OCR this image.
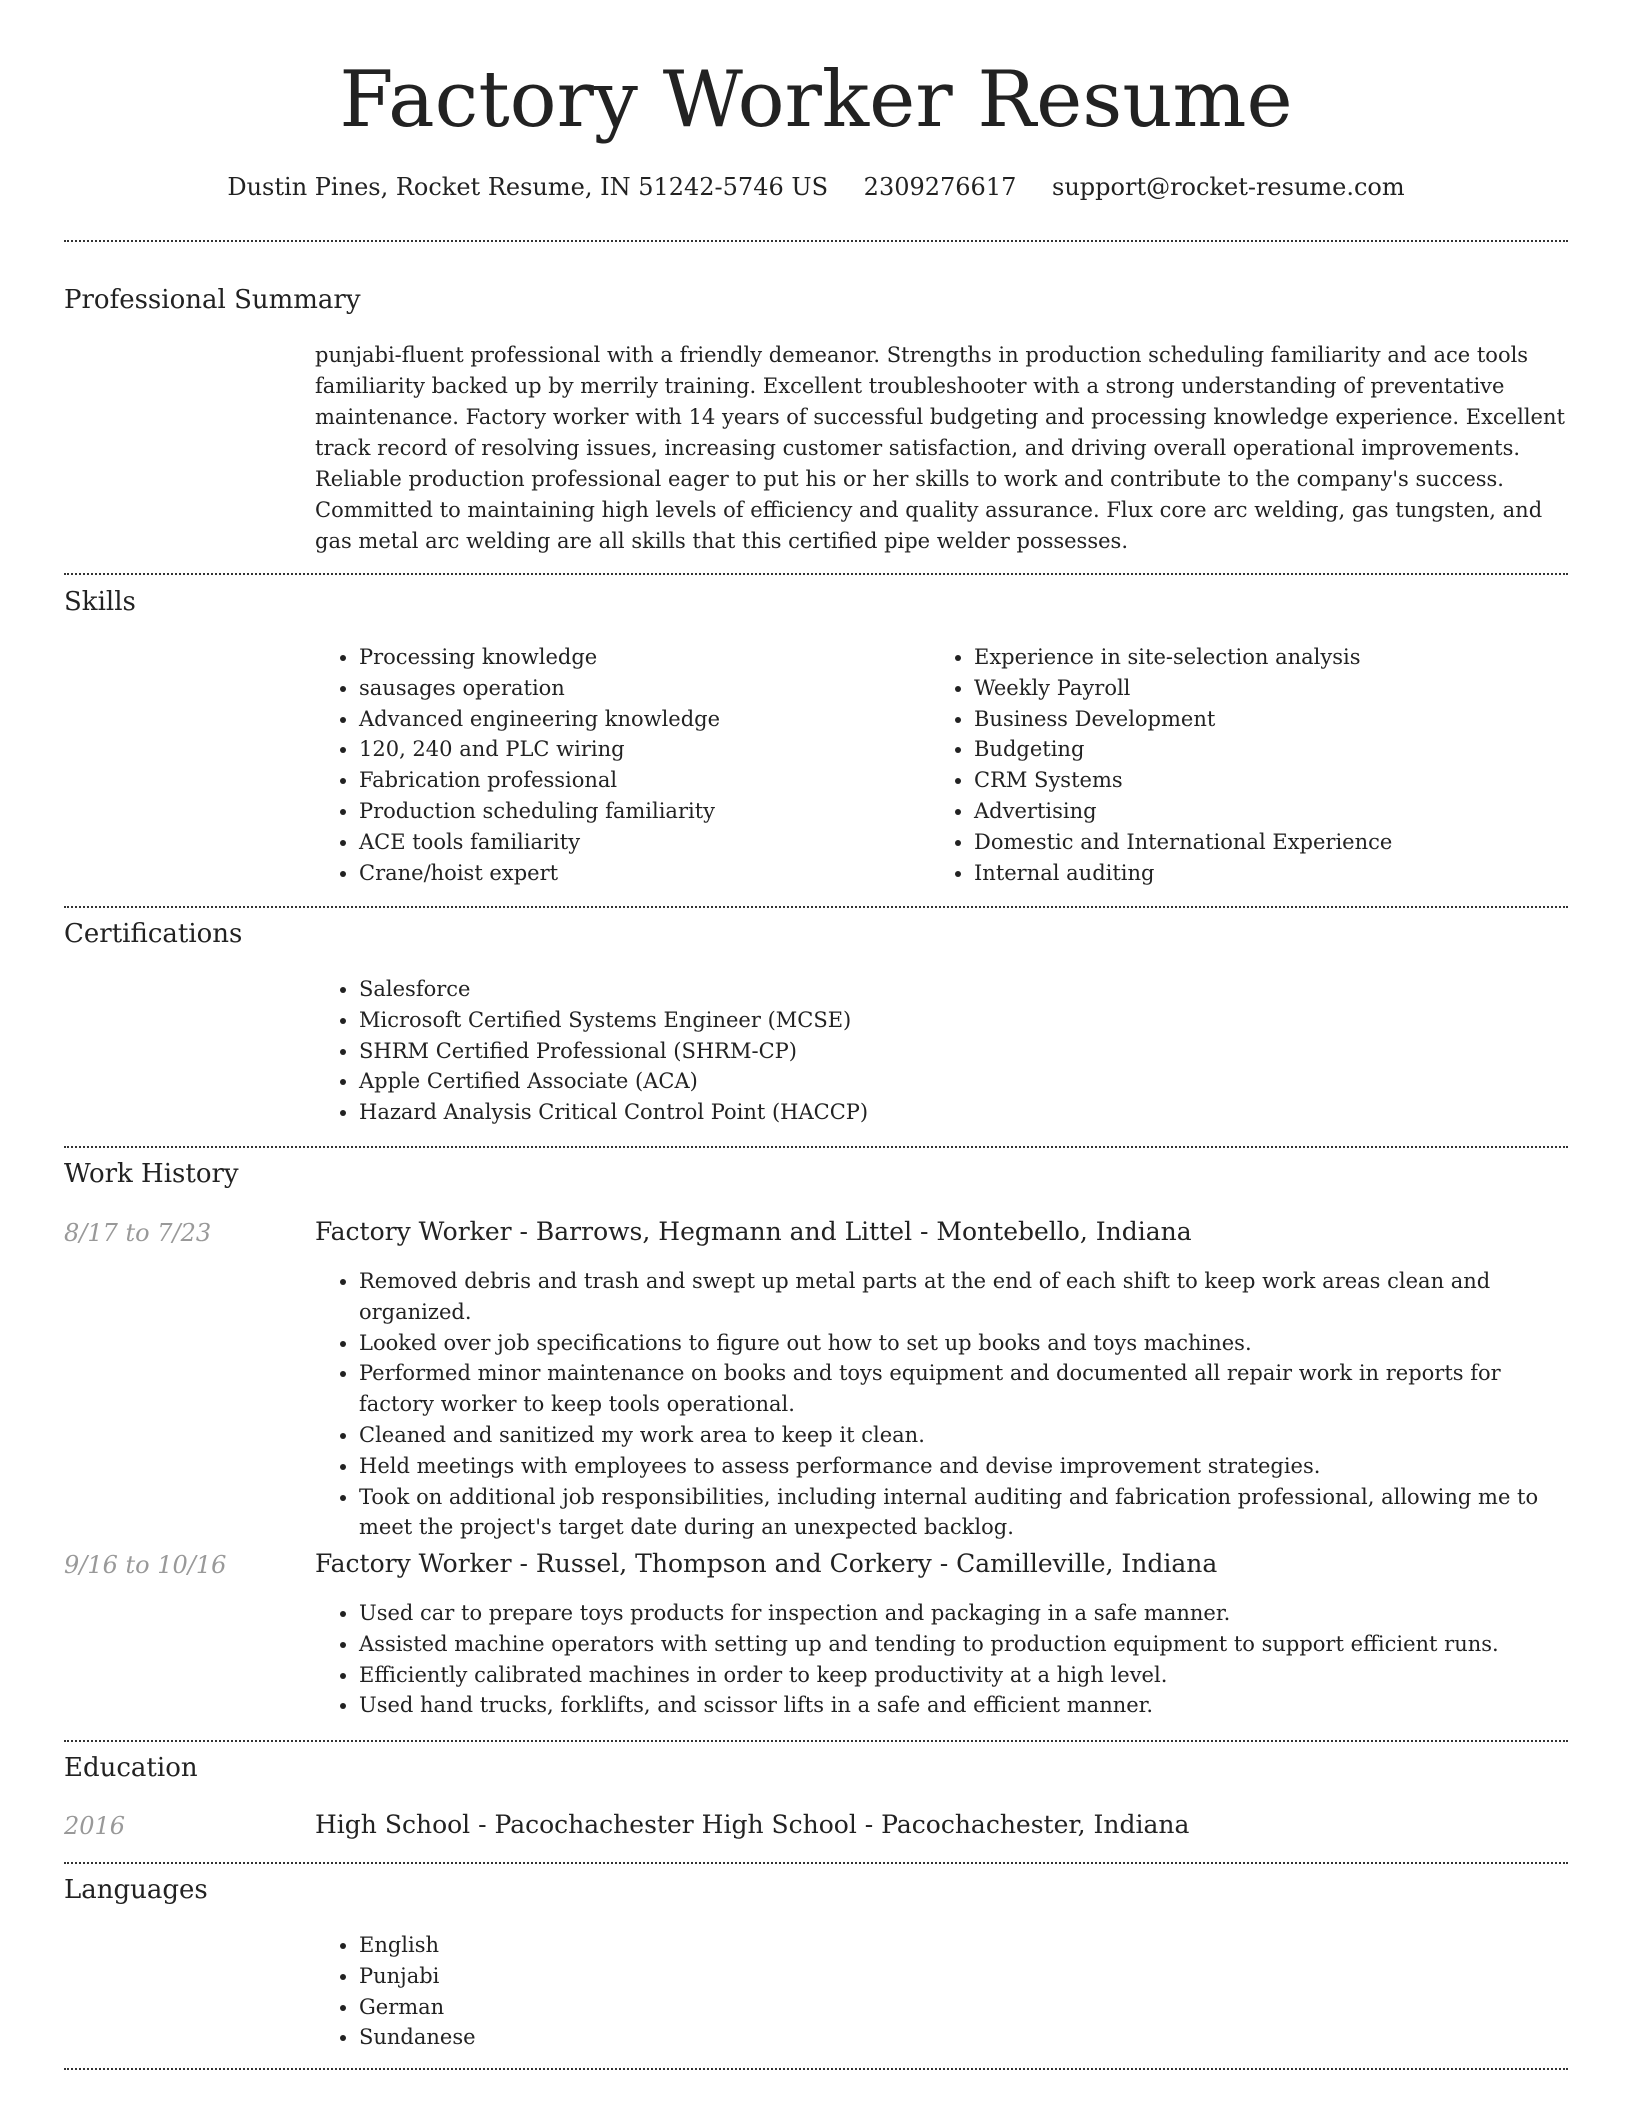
Factory Worker Resume
Dustin Pines, Rocket Resume, IN 51242-5746 US 2309276617 support@rocket-resume.com
Professional Summary
punjabi-fluent professional with a friendly demeanor. Strengths in production scheduling familiarity and ace tools familiarity backed up by merrily training. Excellent troubleshooter with a strong understanding of preventative maintenance. Factory worker with 14 years of successful budgeting and processing knowledge experience. Excellent track record of resolving issues, increasing customer satisfaction, and driving overall operational improvements. Reliable production professional eager to put his or her skills to work and contribute to the company's success. Committed to maintaining high levels of efficiency and quality assurance. Flux core arc welding, gas tungsten, and gas metal arc welding are all skills that this certified pipe welder possesses.
Skills
• Processing knowledge
• sausages operation
• Advanced engineering knowledge
• 120, 240 and PLC wiring
• Fabrication professional
• Production scheduling familiarity
• ACE tools familiarity
• Crane/hoist expert
• Experience in site-selection analysis
• Weekly Payroll
• Business Development
• Budgeting
• CRM Systems
• Advertising
• Domestic and International Experience
• Internal auditing
Certifications
• Salesforce
• Microsoft Certified Systems Engineer (MCSE)
• SHRM Certified Professional (SHRM-CP)
• Apple Certified Associate (ACA)
• Hazard Analysis Critical Control Point (HACCP)
Work History
8/17 to 7/23	Factory Worker - Barrows, Hegmann and Littel - Montebello, Indiana
• Removed debris and trash and swept up metal parts at the end of each shift to keep work areas clean and organized.
• Looked over job specifications to figure out how to set up books and toys machines.
• Performed minor maintenance on books and toys equipment and documented all repair work in reports for factory worker to keep tools operational.
• Cleaned and sanitized my work area to keep it clean.
• Held meetings with employees to assess performance and devise improvement strategies.
• Took on additional job responsibilities, including internal auditing and fabrication professional, allowing me to meet the project's target date during an unexpected backlog.
9/16 to 10/16	Factory Worker - Russel, Thompson and Corkery - Camilleville, Indiana
• Used car to prepare toys products for inspection and packaging in a safe manner.
• Assisted machine operators with setting up and tending to production equipment to support efficient runs.
• Efficiently calibrated machines in order to keep productivity at a high level.
• Used hand trucks, forklifts, and scissor lifts in a safe and efficient manner.
Education
2016	High School - Pacochachester High School - Pacochachester, Indiana
Languages
• English
• Punjabi
• German
• Sundanese
